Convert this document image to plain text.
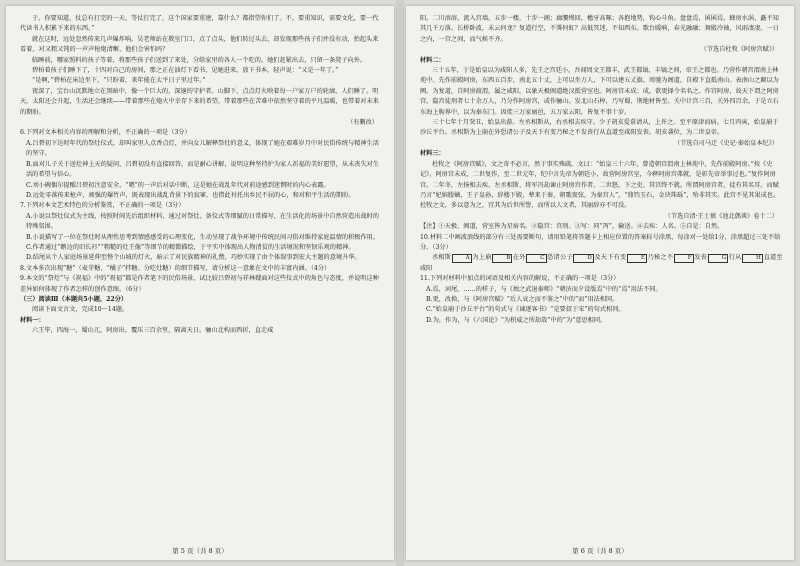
于，你要知道，仗总有打完的一天。等仗打完了，这个国家要重建，靠什么？都指望你们了。不，要重知识，需要文化，要一代代读书人积累下来的东西。”

就在这时，远处忽然传来几声爆炸响。吴老师站在教室门口，点了点头，他们转过头去，却发现那些孩子们并没有动，抬起头来看着，对又粗又钝的一声声枪炮清晰、他们会害怕吗？

临睡前，哪家照料的孩子等着，将那些孩子们送到了来处，分给家里的各人一个吃的。她们赶紧出去，只留一条凳子向外。

碧柏着孩子们睡下了，十四对自己的房间，那之正在油灯下看书，见她进来，放下书本，轻声说：“又是一年了。”

“是啊，”碧柏在床边坐下，“只盼着，来年能在太平日子里过年。”

夜深了，宝台山沉默地立在黑暗中，像一个巨大的，深邃的守护者。山脚下，点点灯火映着每一户家万户的轮廓，人们睡了。明天，太阳还会升起，生活还会继续——带着那些在炮火中幸存下来的希望，带着那些在苦难中依然坚守着的平凡温暖，也带着对未来的期盼。

（有删改）

6.下列对文本相关内容的理解和分析，不正确的一项是（3分）

A.吕碧初下达时年代的祭灶仪式，却叫家里人点香点灯，并向女儿解释祭灶的意义，体现了她在艰难岁月中对民俗传统与精神生活的坚守。

B.面对儿子关于送灶神上天的疑问，吕碧初没有直接回答，而是耐心讲解，说明这种坚持护为家人祈福的美好愿望，从未丧失对生活的希望与信心。

C.刘小碗偶尔提醒吕碧初注意安全，“嗯”的一声后对话中断，这是她在战乱年代对前途感到迷惘时的内心表露。

D.远处零落传来枪声，顽强的爆竹声，既表现出战乱背景下的寂寥，也借此衬托出乡民不屈的心，和对和平生活的期盼。

7.下列对本文艺术特色的分析鉴赏，不正确的一项是（3分）

A.小说以祭灶仪式为主线，按照时间先后组织材料，通过对祭灶、备仪式等细腻的日常描写，在生活化的场景中自然营造出战时的特殊氛围。

B.小说描写了一位在祭灶时从理性思考到情感感受的心理变化，生动呈现了战争环境中传统民间习俗对维持家庭温情的积极作用。

C.作者通过“鹅边的旧长衫”“粗糙的灶王像”等细节的精微描绘，于平实中体现出人物清贫的生活境况和坚韧乐观的精神。

D.结尾从个人家庭场景延伸至整个山城的灯火，暗示了对民族精神的礼赞，巧妙实现了由个体叙事到宏大主题的意境升华。

8.文本多次出现“糖”（麦芽糖、“橘子”拌糖、分吃灶糖）的细节描写，请分析这一意象在文中的丰富内涵。（4分）

9.本文的“祭灶”与《祝福》中的“祝福”都是作者笔下的民俗场景，试比较吕碧初与祥林嫂面对这些仪式中的角色与态度，并说明这种差异如何体现了作者怎样的创作意图。（6分）

（三）阅读Ⅲ（本题共5小题，22分）

阅读下面文言文，完成10～14题。

材料一：

六王毕，四海一，蜀山兀，阿房出。覆压三百余里，隔离天日。骊山北构而西折，直走咸

第 5 页（共 8 页）

阳。二川溶溶，流入宫墙。五步一楼，十步一阁；廊腰缦回，檐牙高啄；各抱地势，钩心斗角。盘盘焉，囷囷焉，蜂房水涡，矗不知其几千万落。长桥卧波，未云何龙？复道行空，不霁何虹？高低冥迷，不知西东。歌台暖响，春光融融；舞殿冷袖，风雨凄凄。一日之内，一宫之间，而气候不齐。

（节选自杜牧《阿房宫赋》）

材料二：

三十五年，于是始皇以为咸阳人多，先王之宫廷小，吾闻周文王都丰，武王都镐，丰镐之间，帝王之都也。乃营作朝宫渭南上林苑中。先作前殿阿房，东西五百步，南北五十丈，上可以坐万人，下可以建五丈旗。周驰为阁道，自殿下直抵南山。表南山之颠以为阙。为复道，自阿房渡渭，属之咸阳，以象天极阁道绝汉抵营室也。阿房宫未成；成，欲更择令名名之。作宫阿房，故天下谓之阿房宫。隐宫徒刑者七十余万人，乃分作阿房宫，或作骊山。发北山石椁，乃写蜀、荆地材皆至。关中计宫三百，关外四百余。于是立石东海上朐界中，以为秦东门。因徙三万家丽邑，五万家云阳，皆复不事十岁。

三十七年十月癸丑，始皇出游。左丞相斯从，右丞相去疾守。少子胡亥爱慕请从，上许之。至平原津而病。七月丙寅，始皇崩于沙丘平台。丞相斯为上崩在外恐诸公子及天下有变乃秘之不发丧行从直道至咸阳发丧。胡亥袭位，为二世皇帝。

（节选自司马迁《史记·秦始皇本纪》）

材料三：

杜牧之《阿房宫赋》，文之奇不必言，然于事实殊疏。文曰：“始皇三十六年，曾造朝宫渭南上林苑中，先作前殿阿房。”按《史记》，阿房宫未成，二世复作，至二世元年，纪中言先帝为朝廷小，故营阿房宫室，今释阿房宫弗就，是彰先帝举事过也。”复作阿房宫。二年冬，左扬相去疾、左丞相斯、将军冯劫谏止阿房宫作者，二世怒，下之吏。其宫终不就。所谓阿房宫者，徒有其名耳。而赋乃言“妃嫔媵嫱，王子皇孙，辞楼下殿，辇来于秦，朝歌夜弦，为秦宫人”，“鼎铛玉石，金块珠砾”，殆非其实。此宫不见其果成也。杜牧之文，多以意为之，宜其为后世所訾，而所以人文者，其丽辞亦不可没。

（节选自清·王士禛《池北偶谈》卷十二）

【注】①天极、阁道，营室皆为星宿名。②隐宫：宫刑。③写：同“泻”，输送。④去疾：人名。⑤自是：自然。

10.材料二中画波浪线的部分有三处需要断句，请用铅笔将答题卡上相应位置的答案标号涂黑，每涂对一处给1分，涂黑超过三处不给分。（3分）

丞相斯	A 为上崩	B 在外	C 恐诸公子	D 及天下有变	E 乃秘之不	F 发丧	G 行从	H 直道至

咸阳

11.下列对材料中加点的词语及相关内容的解说，不正确的一项是（3分）

A.焉，词尾，……的样子，与《烛之武退秦师》“朝济而夕设版焉”中的“焉”用法不同。

B.更，改换，与《阿房宫赋》“后人哀之而不鉴之”中的“而”用法相同。

C.“始皇崩于沙丘平台”的句式与《谏逐客书》“是要叔于宋”的句式相同。

D.为，作为，与《六国论》“为积威之所劫哉”中的“为”意思相同。

第 6 页（共 8 页）
